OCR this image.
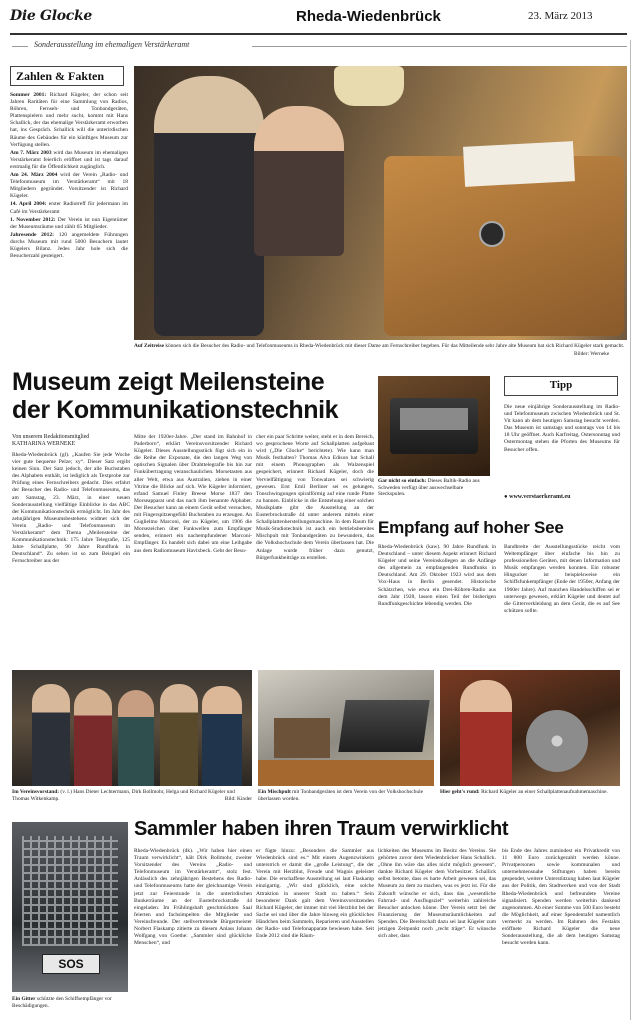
Die Glocke	Rheda-Wiedenbrück	23. März 2013
Sonderausstellung im ehemaligen Verstärkeramt
Zahlen & Fakten

Sommer 2001: Richard Kügeler, der schon seit Jahren Raritäten für eine Sammlung von Radios, Röhren, Fernseh- und Tonbandgeräten, Plattenspielern und mehr sucht, kommt mit Hans Schallick, der das ehemalige Verstärkeramt erworben hat, ins Gespräch. Schallick will die unterirdischen Räume des Gebäudes für ein künftiges Museum zur Verfügung stellen.

Am 7. März 2003 wird das Museum im ehemaligen Verstärkeramt feierlich eröffnet und ist tags darauf erstmalig für die Öffentlichkeit zugänglich.

Am 24. März 2004 wird der Verein „Radio- und Telefonmuseum im Verstärkeramt“ mit 18 Mitgliedern gegründet. Vorsitzender ist Richard Kügeler.

14. April 2004: erster Radiotreff für jedermann im Café im Verstärkeramt

1. November 2012: Der Verein ist nun Eigentümer der Museumsräume und zählt 65 Mitglieder.

Jahresende 2012: 120 angemeldete Führungen durchs Museum mit rund 5000 Besuchern lautet Kügelers Bilanz. Jedes Jahr hole sich die Besucherzahl gesteigert.

Auf Zeitreise können sich die Besucher des Radio- und Telefonmuseums in Rheda-Wiedenbrück mit dieser Dame am Fernschreiber begeben. Für das Mitteilende sehr Jahre alte Museum hat sich Richard Kügeler stark gemacht.
Bilder: Werneke
Museum zeigt Meilensteine
der Kommunikationstechnik
Von unserem Redaktionsmitglied
KATHARINA WERNEKE
Rheda-Wiedenbrück (gl). „Kaufen Sie jede Woche vier gute bequeme Pelze; xy“. Dieser Satz ergibt keinen Sinn. Der Satz jedoch, der alle Buchstaben des Alphabets enthält, ist lediglich als Textprobe zur Prüfung eines Fernschreibers gedacht. Dies erfahrt der Besucher des Radio- und Telefonmuseums, das am Samstag, 23. März, in einer neuen Sonderausstellung vielfältige Einblicke in das ABC der Kommunikationstechnik ermöglicht. Im Jahr des zehnjährigen Museumsbestehens widmet sich der Verein „Radio- und Telefonmuseum im Verstärkeramt“ dem Thema „Meilensteine der Kommunikationstechnik: 175 Jahre Telegrafie, 125 Jahre Schallplatte, 90 Jahre Rundfunk in Deutschland“. Zu sehen ist so zum Beispiel ein Fernschreiber aus der
Mitte der 1920er-Jahre. „Der stand im Bahnhof in Paderborn“, erklärt Vereinsvorsitzender Richard Kügeler. Dieses Ausstellungsstück fügt sich ein in die Reihe der Exponate, die den langen Weg von optischen Signalen über Drahttelegrafie bis hin zur Funkübertragung veranschaulichen. Morsetasten aus aller Welt, etwa aus Australien, ziehen in einer Vitrine die Blicke auf sich. Wie Kügeler informiert, erfand Samuel Finley Breese Morse 1837 den Morseapparat und das nach ihm benannte Alphabet. Der Besucher kann an einem Gerät selbst versuchen, mit Fingerspitzengefühl Buchstaben zu erzeugen. An Guglielmo Marconi, der zu Kügeler, um 1906 die Morsezeichen über Funkwellen zum Empfänger senden, erinnert ein nachempfundener Marconi-Empfänger. Es handelt sich dabei um eine Leihgabe aus dem Radiomuseum Havixbeck. Geht der Besu-
cher ein paar Schritte weiter, steht er in dem Bereich, wo gesprochene Worte auf Schallplatten aufgebaut wird („Die Glocke“ berichtete). Wie kann man Musik festhalten? Thomas Alva Edison hat Schall mit einem Phonographen als Walzenspiel gespeichert, erinnert Richard Kügeler, doch die Vervielfältigung von Tonwalzen sei schwierig gewesen. Erst Emil Berliner sei es gelungen, Tonschwingungen spiralförmig auf eine runde Platte zu bannen. Einblicke in die Entstehung einer solchen Musikplatte gibt die Ausstellung an der Eusterbrockstraße 44 unter anderem mittels einer Schallplattenherstellungsmaschine. In dem Raum für Musik-Studiotechnik ist auch ein betriebsbereites Mischpult mit Tonbandgeräten zu bewundern, das die Volkshochschule dem Verein überlassen hat. Die Anlage wurde früher dazu genutzt, Bürgerfunkbeiträge zu erstellen.
Gar nicht so einfach: Dieses Baltik-Radio aus Schweden verfügt über auswechselbare Steckspulen.
Tipp
Die neue einjährige Sonderausstellung im Radio- und Telefonmuseum zwischen Wiedenbrück und St. Vit kann ab dem heutigen Samstag besucht werden. Das Museum ist samstags und sonntags von 14 bis 18 Uhr geöffnet. Auch Karfreitag, Ostersonntag und Ostermontag stehen die Pforten des Museums für Besucher offen.
● www.verstaerkeramt.eu
Empfang auf hoher See
Rheda-Wiedenbrück (kaw). 90 Jahre Rundfunk in Deutschland – unter diesem Aspekt erinnert Richard Kügeler und seine Vereinskollegen an die Anfänge des allgemein zu empfangenden Rundfunks in Deutschland. Am 29. Oktober 1923 wird aus dem Vox-Haus in Berlin gesendet. Historische Schätzchen, wie etwa ein Drei-Röhren-Radio aus dem Jahr 1928, lassen einen Teil der bisherigen Rundfunkgeschichte lebendig werden. Die
Bandbreite der Ausstellungsstücke reicht vom Weltempfänger über einfache bis hin zu professionellen Geräten, mit denen Information und Musik empfangen werden konnten. Ein robuster Hingucker ist beispielsweise ein Schiffsfunkempfänger (Ende der 1950er, Anfang der 1960er Jahre). Auf manchen Handelsschiffen sei er unterwegs gewesen, erklärt Kügeler und deutet auf die Gitterverkleidung an dem Gerät, die es auf See schützen sollte.
Im Vereinsvorstand: (v. l.) Hans Dieter Lechtermann, Dirk Bollmohr, Helga und Richard Kügeler und Thomas Witkenkamp.	Bild: Kinder
Ein Mischpult mit Tonbandgeräten ist dem Verein von der Volkshochschule überlassen worden.
Hier geht's rund: Richard Kügeler an einer Schallplattenaufnahmemaschine.
SOS
Ein Gitter schützte den Schiffsempfänger vor Beschädigungen.
Sammler haben ihren Traum verwirklicht
Rheda-Wiedenbrück (dk). „Wir haben hier einen Traum verwirklicht“, hält Dirk Bollmohr, zweiter Vorsitzender des Vereins „Radio- und Telefonmuseum im Verstärkeramt“, stolz fest. Anlässlich des zehnjährigen Bestehens des Radio- und Telefonmuseums hatte der gleichnamige Verein jetzt zur Feierstunde in die unterirdischen Bunkerräume an der Eusterbrockstraße 44 eingeladen. Im Frühlingshaft geschmückten Saal feierten und fachsimpelten die Mitglieder und Vereinsfreunde. Der stellvertretende Bürgermeister Norbert Flaskamp zitierte zu diesem Anlass Johann Wolfgang von Goethe: „Sammler sind glückliche Menschen“, und
er fügte hinzu: „Besonders die Sammler aus Wiedenbrück sind es.“ Mit einem Augenzwinkern unterstrich er damit die „große Leistung“, die der Verein mit Herzblut, Freude und Wagnis geleistet habe. Die erschaffene Ausstellung sei laut Flaskamp einzigartig. „Wir sind glücklich, eine solche Attraktion in unserer Stadt zu haben.“ Sein besonderer Dank galt dem Vereinsvorsitzenden Richard Kügeler, der immer mit viel Herzblut bei der Sache sei und über die Jahre hinweg ein glückliches Händchen beim Sammeln, Reparieren und Ausstellen der Radio- und Telefonapparate bewiesen habe. Seit Ende 2012 sind die Räum-
lichkeiten des Museums im Besitz des Vereins. Sie gehörten zuvor dem Wiedenbrücker Hans Schallick. „Ohne ihn wäre das alles nicht möglich gewesen“, dankte Richard Kügeler dem Vorbesitzer. Schallick selbst betonte, dass es harte Arbeit gewesen sei, das Museum zu dem zu machen, was es jetzt ist. Für die Zukunft wünsche er sich, dass das „wesentliche Fahrrad- und Ausflugsziel“ weiterhin zahlreiche Besucher anlocken könne. Der Verein setzt bei der Finanzierung der Museumsräumlichkeiten auf Spenden. Die Bereitschaft dazu sei laut Kügeler zum jetzigen Zeitpunkt noch „recht träge“. Er wünsche sich aber, dass
bis Ende des Jahres zumindest ein Privatkredit von 11 800 Euro zurückgezahlt werden könne. Privatpersonen sowie kommunalen und unternehmensnahe Stiftungen haben bereits gespendet, weitere Unterstützung haben laut Kügeler aus der Politik, den Stadtwerken und von der Stadt Rheda-Wiedenbrück und befreundete Vereine signalisiert. Spenden werden weiterhin dankend angenommen. Ab einer Summe von 500 Euro besteht die Möglichkeit, auf einer Spendentafel namentlich vermerkt zu werden. Im Rahmen des Festakts eröffnete Richard Kügeler die neue Sonderausstellung, die ab dem heutigen Samstag besucht werden kann.
